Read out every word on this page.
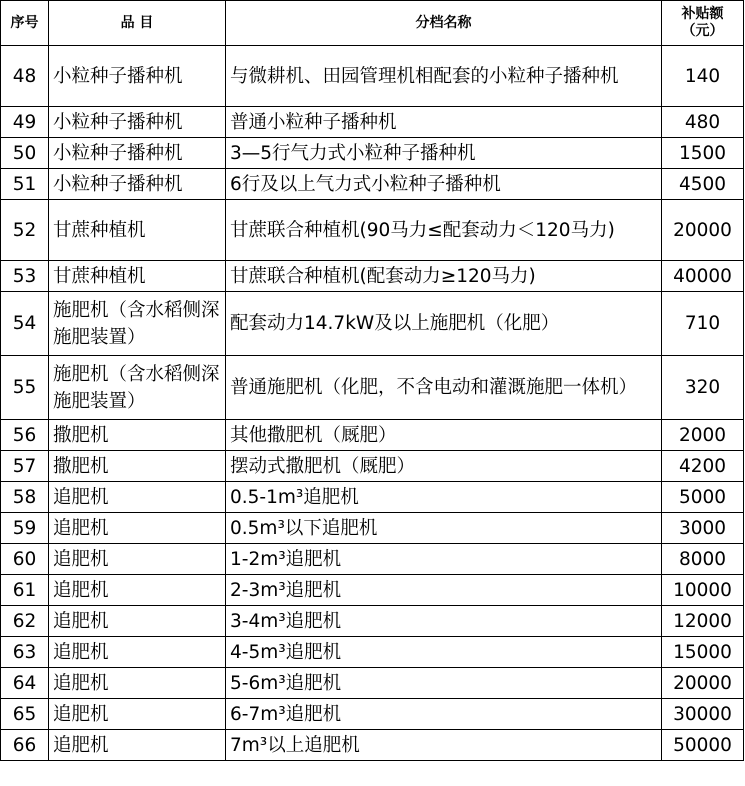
序号	品 目	分档名称	补贴额
（元）
48	小粒种子播种机	与微耕机、田园管理机相配套的小粒种子播种机	140
49	小粒种子播种机	普通小粒种子播种机	480
50	小粒种子播种机	3—5行气力式小粒种子播种机	1500
51	小粒种子播种机	6行及以上气力式小粒种子播种机	4500
52	甘蔗种植机	甘蔗联合种植机(90马力≤配套动力＜120马力)	20000
53	甘蔗种植机	甘蔗联合种植机(配套动力≥120马力)	40000
54	施肥机（含水稻侧深施肥装置）	配套动力14.7kW及以上施肥机（化肥）	710
55	施肥机（含水稻侧深施肥装置）	普通施肥机（化肥，不含电动和灌溉施肥一体机）	320
56	撒肥机	其他撒肥机（厩肥）	2000
57	撒肥机	摆动式撒肥机（厩肥）	4200
58	追肥机	0.5-1m³追肥机	5000
59	追肥机	0.5m³以下追肥机	3000
60	追肥机	1-2m³追肥机	8000
61	追肥机	2-3m³追肥机	10000
62	追肥机	3-4m³追肥机	12000
63	追肥机	4-5m³追肥机	15000
64	追肥机	5-6m³追肥机	20000
65	追肥机	6-7m³追肥机	30000
66	追肥机	7m³以上追肥机	50000
